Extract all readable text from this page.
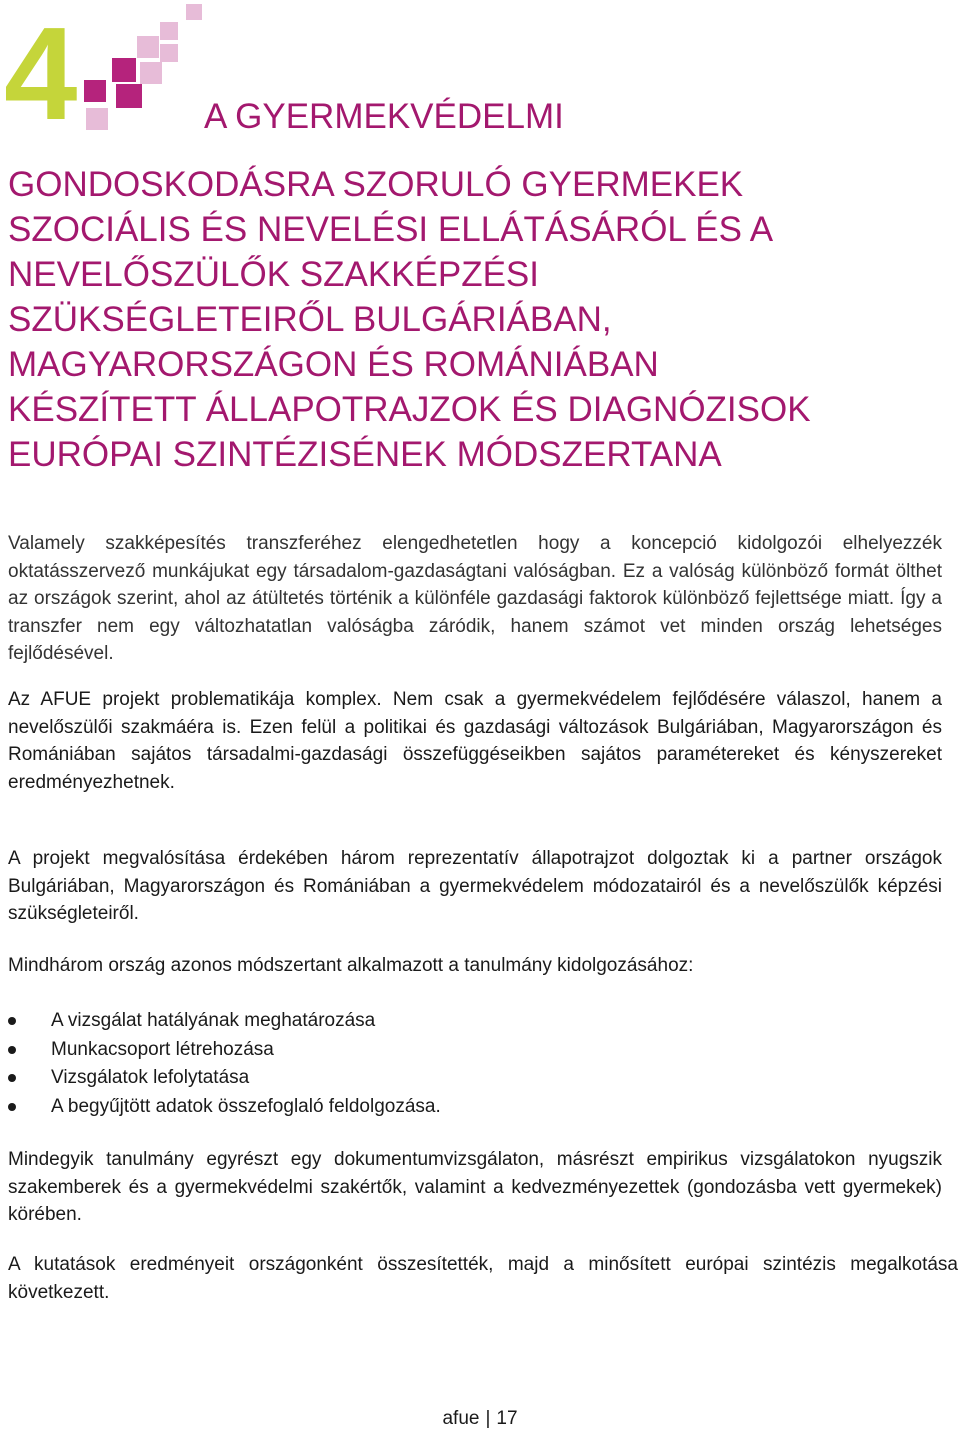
4	A GYERMEKVÉDELMI
GONDOSKODÁSRA SZORULÓ GYERMEKEK
SZOCIÁLIS ÉS NEVELÉSI ELLÁTÁSÁRÓL ÉS A
NEVELŐSZÜLŐK SZAKKÉPZÉSI
SZÜKSÉGLETEIRŐL BULGÁRIÁBAN,
MAGYARORSZÁGON ÉS ROMÁNIÁBAN
KÉSZÍTETT ÁLLAPOTRAJZOK ÉS DIAGNÓZISOK
EURÓPAI SZINTÉZISÉNEK MÓDSZERTANA

Valamely szakképesítés transzferéhez elengedhetetlen hogy a koncepció kidolgozói elhelyezzék oktatásszervező munkájukat egy társadalom-gazdaságtani valóságban. Ez a valóság különböző formát ölthet az országok szerint, ahol az átültetés történik a különféle gazdasági faktorok különböző fejlettsége miatt. Így a transzfer nem egy változhatatlan valóságba záródik, hanem számot vet minden ország lehetséges fejlődésével.

Az AFUE projekt problematikája komplex. Nem csak a gyermekvédelem fejlődésére válaszol, hanem a nevelőszülői szakmáéra is. Ezen felül a politikai és gazdasági változások Bulgáriában, Magyarországon és Romániában sajátos társadalmi-gazdasági összefüggéseikben sajátos paramétereket és kényszereket eredményezhetnek.

A projekt megvalósítása érdekében három reprezentatív állapotrajzot dolgoztak ki a partner országok Bulgáriában, Magyarországon és Romániában a gyermekvédelem módozatairól és a nevelőszülők képzési szükségleteiről.

Mindhárom ország azonos módszertant alkalmazott a tanulmány kidolgozásához:

A vizsgálat hatályának meghatározása
Munkacsoport létrehozása
Vizsgálatok lefolytatása
A begyűjtött adatok összefoglaló feldolgozása.

Mindegyik tanulmány egyrészt egy dokumentumvizsgálaton, másrészt empirikus vizsgálatokon nyugszik szakemberek és a gyermekvédelmi szakértők, valamint a kedvezményezettek (gondozásba vett gyermekek) körében.

A kutatások eredményeit országonként összesítették, majd a minősített európai szintézis megalkotása következett.

afue | 17
